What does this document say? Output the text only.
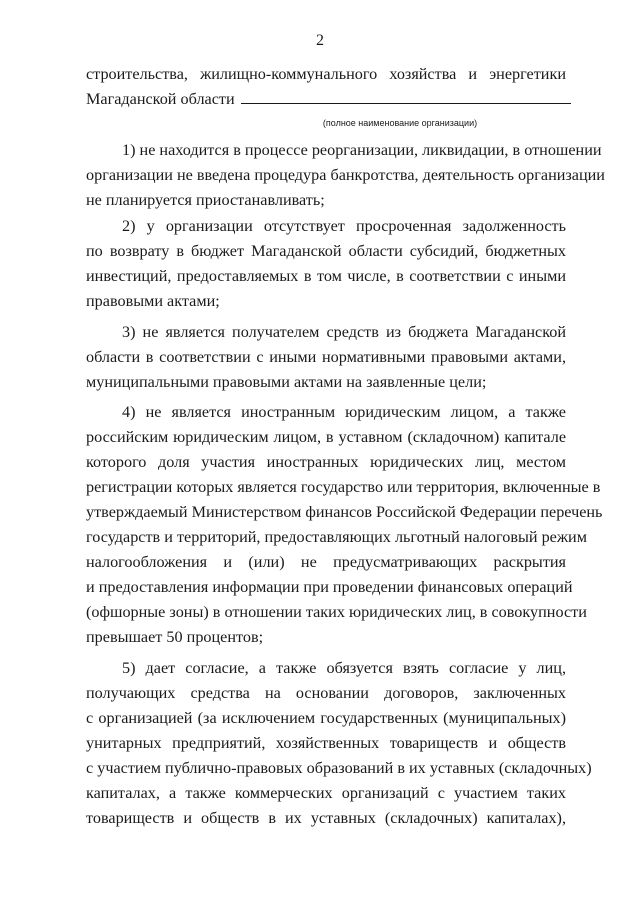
2
строительства, жилищно-коммунального хозяйства и энергетики
Магаданской области
(полное наименование организации)
1) не находится в процессе реорганизации, ликвидации, в отношении
организации не введена процедура банкротства, деятельность организации
не планируется приостанавливать;
2) у организации отсутствует просроченная задолженность
по возврату в бюджет Магаданской области субсидий, бюджетных
инвестиций, предоставляемых в том числе, в соответствии с иными
правовыми актами;
3) не является получателем средств из бюджета Магаданской
области в соответствии с иными нормативными правовыми актами,
муниципальными правовыми актами на заявленные цели;
4) не является иностранным юридическим лицом, а также
российским юридическим лицом, в уставном (складочном) капитале
которого доля участия иностранных юридических лиц, местом
регистрации которых является государство или территория, включенные в
утверждаемый Министерством финансов Российской Федерации перечень
государств и территорий, предоставляющих льготный налоговый режим
налогообложения и (или) не предусматривающих раскрытия
и предоставления информации при проведении финансовых операций
(офшорные зоны) в отношении таких юридических лиц, в совокупности
превышает 50 процентов;
5) дает согласие, а также обязуется взять согласие у лиц,
получающих средства на основании договоров, заключенных
с организацией (за исключением государственных (муниципальных)
унитарных предприятий, хозяйственных товариществ и обществ
с участием публично-правовых образований в их уставных (складочных)
капиталах, а также коммерческих организаций с участием таких
товариществ и обществ в их уставных (складочных) капиталах),
